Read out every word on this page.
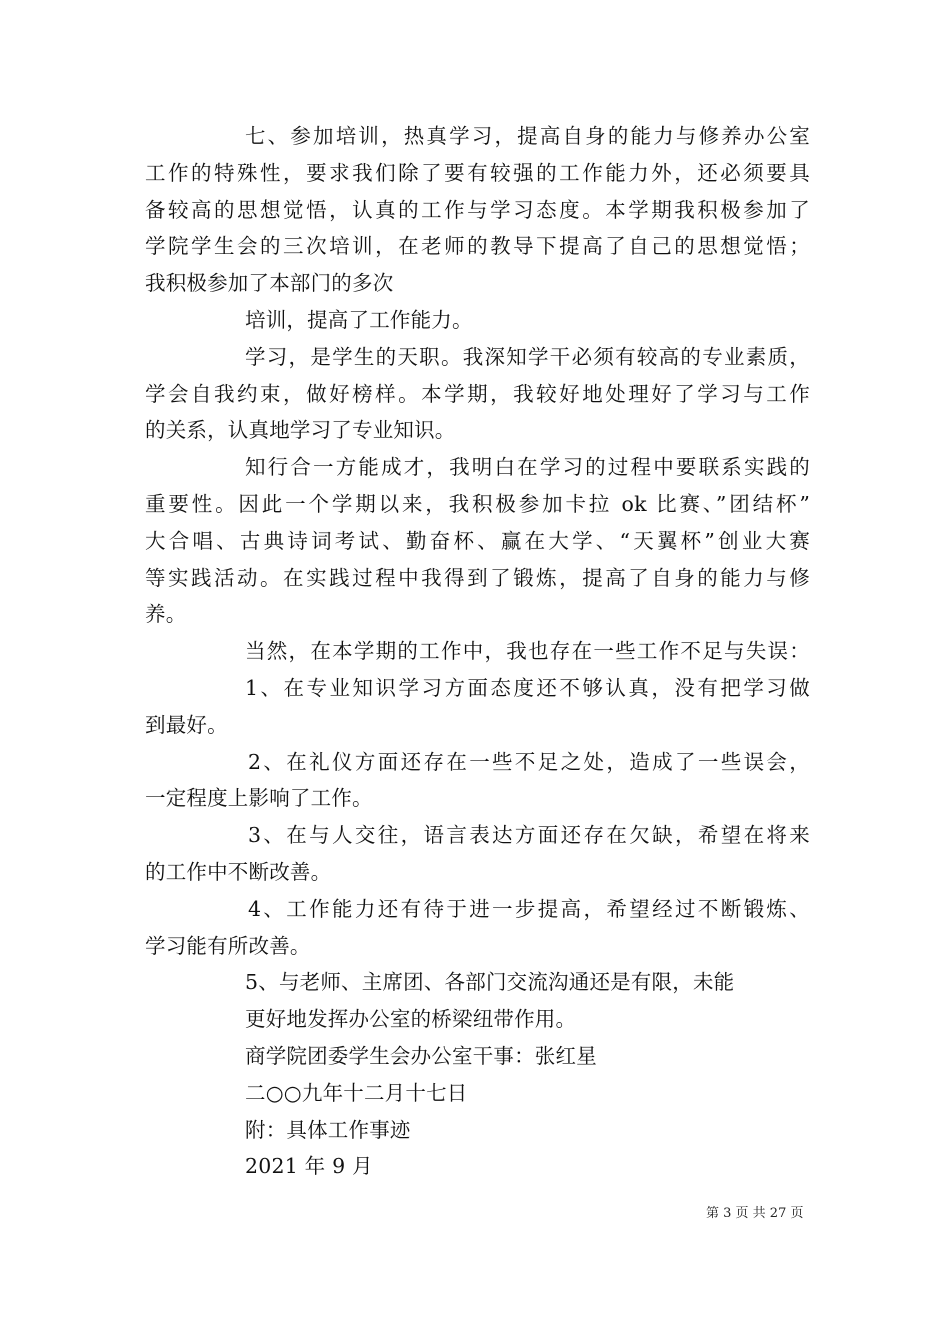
七、参加培训，热真学习，提高自身的能力与修养办公室
工作的特殊性，要求我们除了要有较强的工作能力外，还必须要具
备较高的思想觉悟，认真的工作与学习态度。本学期我积极参加了
学院学生会的三次培训，在老师的教导下提高了自己的思想觉悟；
我积极参加了本部门的多次
培训，提高了工作能力。
学习，是学生的天职。我深知学干必须有较高的专业素质，
学会自我约束，做好榜样。本学期，我较好地处理好了学习与工作
的关系，认真地学习了专业知识。
知行合一方能成才，我明白在学习的过程中要联系实践的
重要性。因此一个学期以来，我积极参加卡拉 ok 比赛、”团结杯”
大合唱、古典诗词考试、勤奋杯、赢在大学、“天翼杯”创业大赛
等实践活动。在实践过程中我得到了锻炼，提高了自身的能力与修
养。
当然，在本学期的工作中，我也存在一些工作不足与失误：
1、在专业知识学习方面态度还不够认真，没有把学习做
到最好。
2、在礼仪方面还存在一些不足之处，造成了一些误会，
一定程度上影响了工作。
3、在与人交往，语言表达方面还存在欠缺，希望在将来
的工作中不断改善。
4、工作能力还有待于进一步提高，希望经过不断锻炼、
学习能有所改善。
5、与老师、主席团、各部门交流沟通还是有限，未能
更好地发挥办公室的桥梁纽带作用。
商学院团委学生会办公室干事：张红星
二○○九年十二月十七日
附：具体工作事迹
2021 年 9 月
第 3 页 共 27 页
